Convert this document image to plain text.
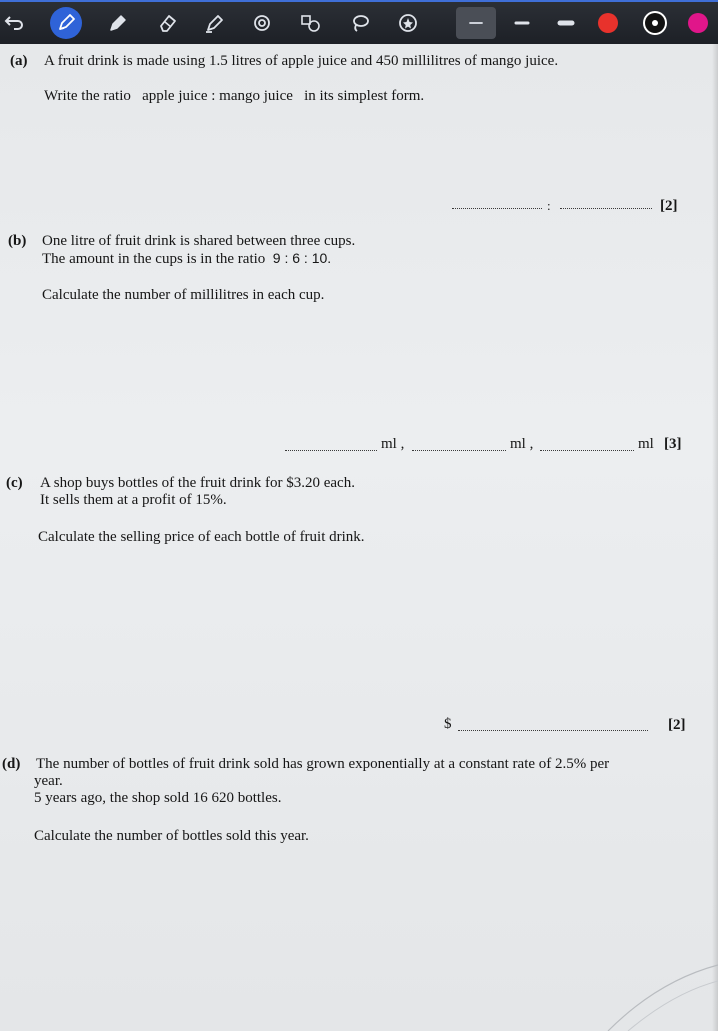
(a) A fruit drink is made using 1.5 litres of apple juice and 450 millilitres of mango juice.
Write the ratio apple juice : mango juice in its simplest form.
:	[2]
(b) One litre of fruit drink is shared between three cups.
The amount in the cups is in the ratio 9 : 6 : 10.
Calculate the number of millilitres in each cup.
ml ,	ml ,	ml [3]
(c) A shop buys bottles of the fruit drink for $3.20 each.
It sells them at a profit of 15%.
Calculate the selling price of each bottle of fruit drink.
$	[2]
(d) The number of bottles of fruit drink sold has grown exponentially at a constant rate of 2.5% per
year.
5 years ago, the shop sold 16 620 bottles.
Calculate the number of bottles sold this year.
